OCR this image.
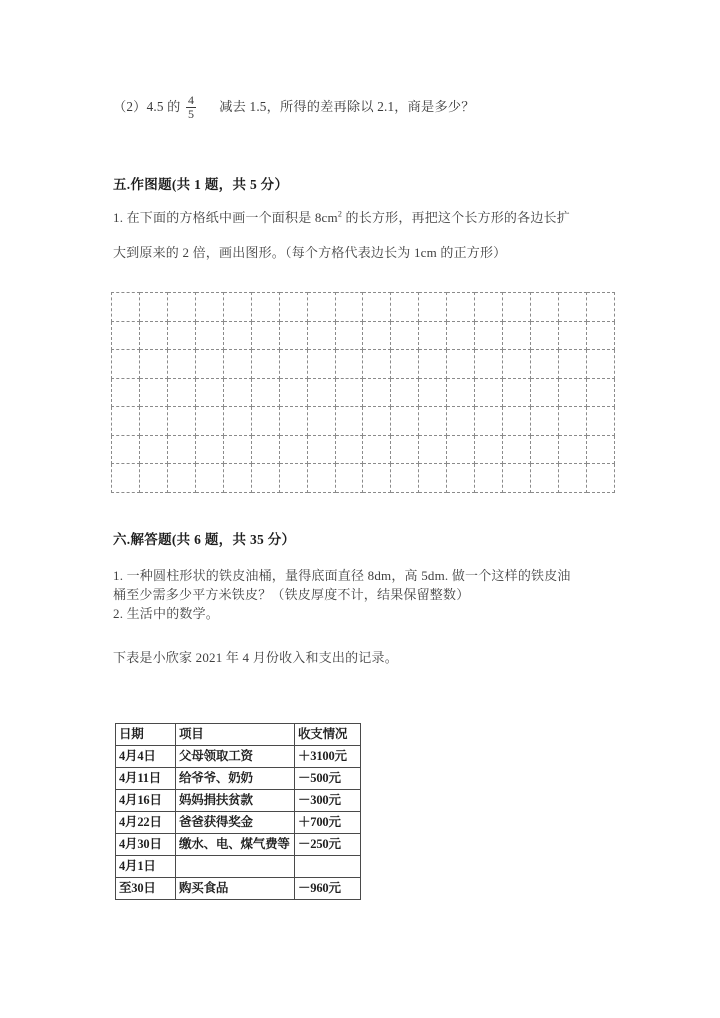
（2）4.5 的 $\frac{4}{5}$ 减去 1.5，所得的差再除以 2.1，商是多少？
五.作图题(共 1 题，共 5 分）
1. 在下面的方格纸中画一个面积是 $8cm^2$ 的长方形，再把这个长方形的各边长扩
大到原来的 2 倍，画出图形。（每个方格代表边长为 1cm 的正方形）

六.解答题(共 6 题，共 35 分）
1. 一种圆柱形状的铁皮油桶，量得底面直径 8dm，高 5dm. 做一个这样的铁皮油
桶至少需多少平方米铁皮？（铁皮厚度不计，结果保留整数）
2. 生活中的数学。
下表是小欣家 2021 年 4 月份收入和支出的记录。
日期	项目	收支情况
4月4日	父母领取工资	＋3100元
4月11日	给爷爷、奶奶	－500元
4月16日	妈妈捐扶贫款	－300元
4月22日	爸爸获得奖金	＋700元
4月30日	缴水、电、煤气费等	－250元
4月1日		
至30日	购买食品	－960元
